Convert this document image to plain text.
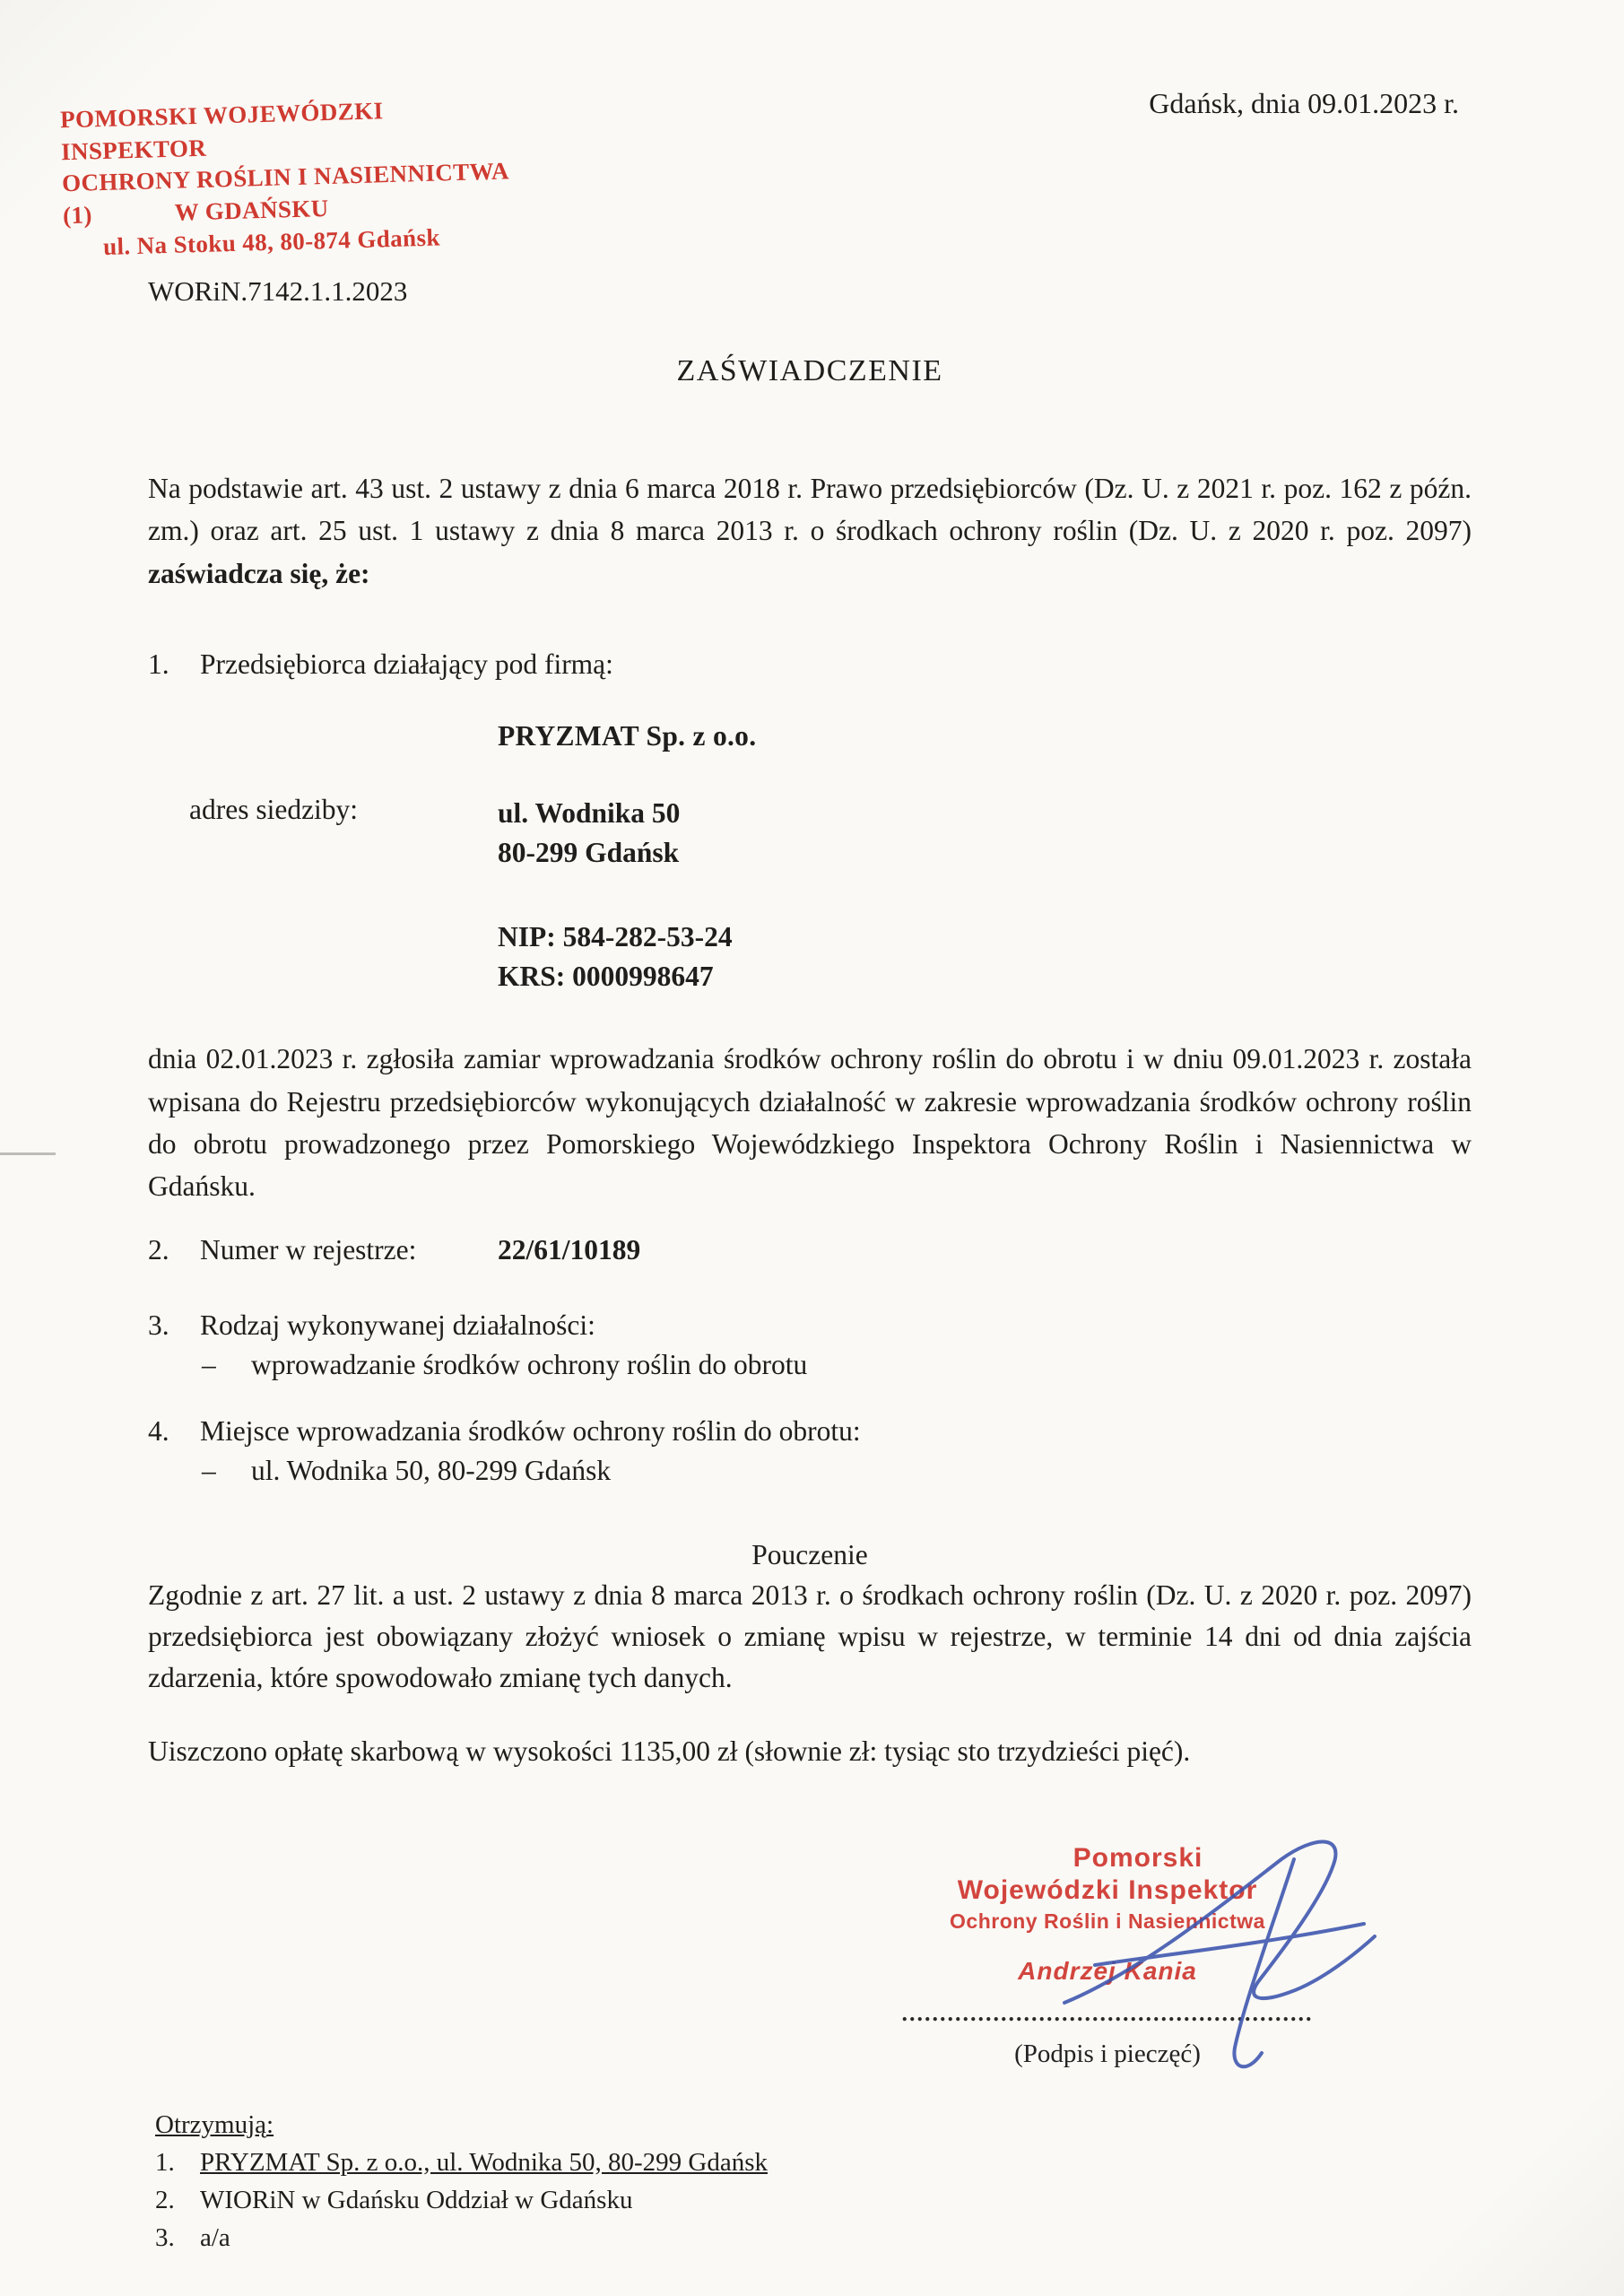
POMORSKI WOJEWÓDZKI INSPEKTOR
OCHRONY ROŚLIN I NASIENNICTWA
(1)	W GDAŃSKU
ul. Na Stoku 48, 80-874 Gdańsk
Gdańsk, dnia 09.01.2023 r.
WORiN.7142.1.1.2023
ZAŚWIADCZENIE

Na podstawie art. 43 ust. 2 ustawy z dnia 6 marca 2018 r. Prawo przedsiębiorców (Dz. U. z 2021 r. poz. 162 z późn. zm.) oraz art. 25 ust. 1 ustawy z dnia 8 marca 2013 r. o środkach ochrony roślin (Dz. U. z 2020 r. poz. 2097) zaświadcza się, że:

1.	Przedsiębiorca działający pod firmą:
PRYZMAT Sp. z o.o.
adres siedziby:	ul. Wodnika 50
80-299 Gdańsk
NIP: 584-282-53-24
KRS: 0000998647

dnia 02.01.2023 r. zgłosiła zamiar wprowadzania środków ochrony roślin do obrotu i w dniu 09.01.2023 r. została wpisana do Rejestru przedsiębiorców wykonujących działalność w zakresie wprowadzania środków ochrony roślin do obrotu prowadzonego przez Pomorskiego Wojewódzkiego Inspektora Ochrony Roślin i Nasiennictwa w Gdańsku.

2.	Numer w rejestrze:	22/61/10189
3.	Rodzaj wykonywanej działalności:
–	wprowadzanie środków ochrony roślin do obrotu
4.	Miejsce wprowadzania środków ochrony roślin do obrotu:
–	ul. Wodnika 50, 80-299 Gdańsk
Pouczenie

Zgodnie z art. 27 lit. a ust. 2 ustawy z dnia 8 marca 2013 r. o środkach ochrony roślin (Dz. U. z 2020 r. poz. 2097) przedsiębiorca jest obowiązany złożyć wniosek o zmianę wpisu w rejestrze, w terminie 14 dni od dnia zajścia zdarzenia, które spowodowało zmianę tych danych.

Uiszczono opłatę skarbową w wysokości 1135,00 zł (słownie zł: tysiąc sto trzydzieści pięć).

Pomorski
Wojewódzki Inspektor
Ochrony Roślin i Nasiennictwa
Andrzej Kania
......................................................
(Podpis i pieczęć)
Otrzymują:
1. PRYZMAT Sp. z o.o., ul. Wodnika 50, 80-299 Gdańsk
2. WIORiN w Gdańsku Oddział w Gdańsku
3. a/a
